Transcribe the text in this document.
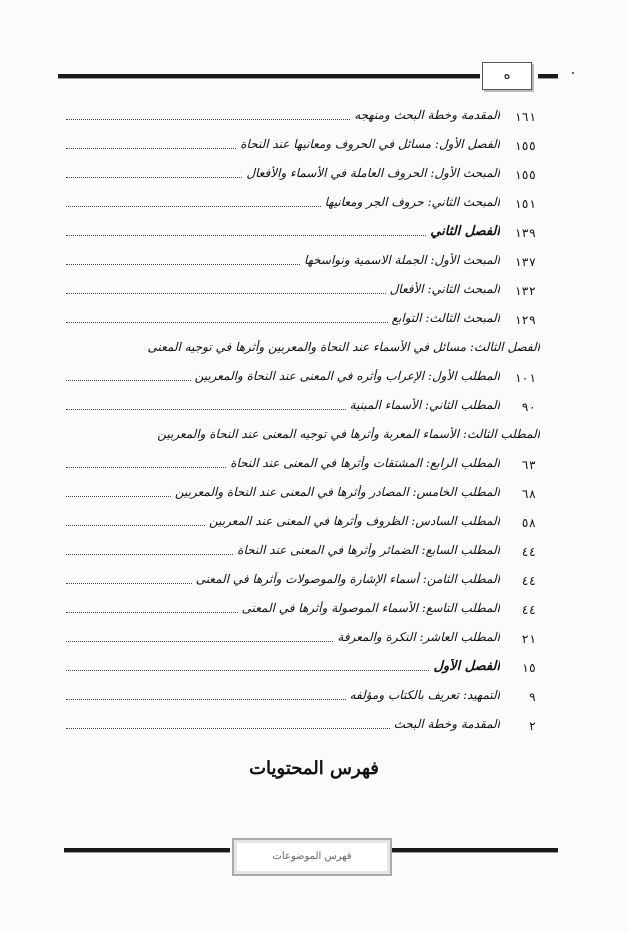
ه
المقدمة وخطة البحث ومنهجه ١٦١
الفصل الأول: مسائل في الحروف ومعانيها عند النحاة ١٥٥
المبحث الأول: الحروف العاملة في الأسماء والأفعال ١٥٥
المبحث الثاني: حروف الجر ومعانيها ١٥١
الفصل الثاني ١٣٩
المبحث الأول: الجملة الاسمية ونواسخها ١٣٧
المبحث الثاني: الأفعال ١٣٢
المبحث الثالث: التوابع ١٢٩
الفصل الثالث: مسائل في الأسماء عند النحاة والمعربين وأثرها في توجيه المعنى
المطلب الأول: الإعراب وأثره في المعنى عند النحاة والمعربين ١٠١
المطلب الثاني: الأسماء المبنية ٩٠
المطلب الثالث: الأسماء المعربة وأثرها في توجيه المعنى عند النحاة والمعربين
المطلب الرابع: المشتقات وأثرها في المعنى عند النحاة ٦٣
المطلب الخامس: المصادر وأثرها في المعنى عند النحاة والمعربين ٦٨
المطلب السادس: الظروف وأثرها في المعنى عند المعربين ٥٨
المطلب السابع: الضمائر وأثرها في المعنى عند النحاة ٤٤
المطلب الثامن: أسماء الإشارة والموصولات وأثرها في المعنى ٤٤
المطلب التاسع: الأسماء الموصولة وأثرها في المعنى ٤٤
المطلب العاشر: النكرة والمعرفة ٢١
الفصل الأول ١٥
التمهيد: تعريف بالكتاب ومؤلفه ٩
المقدمة وخطة البحث ٢
فهرس المحتويات
فهرس الموضوعات
